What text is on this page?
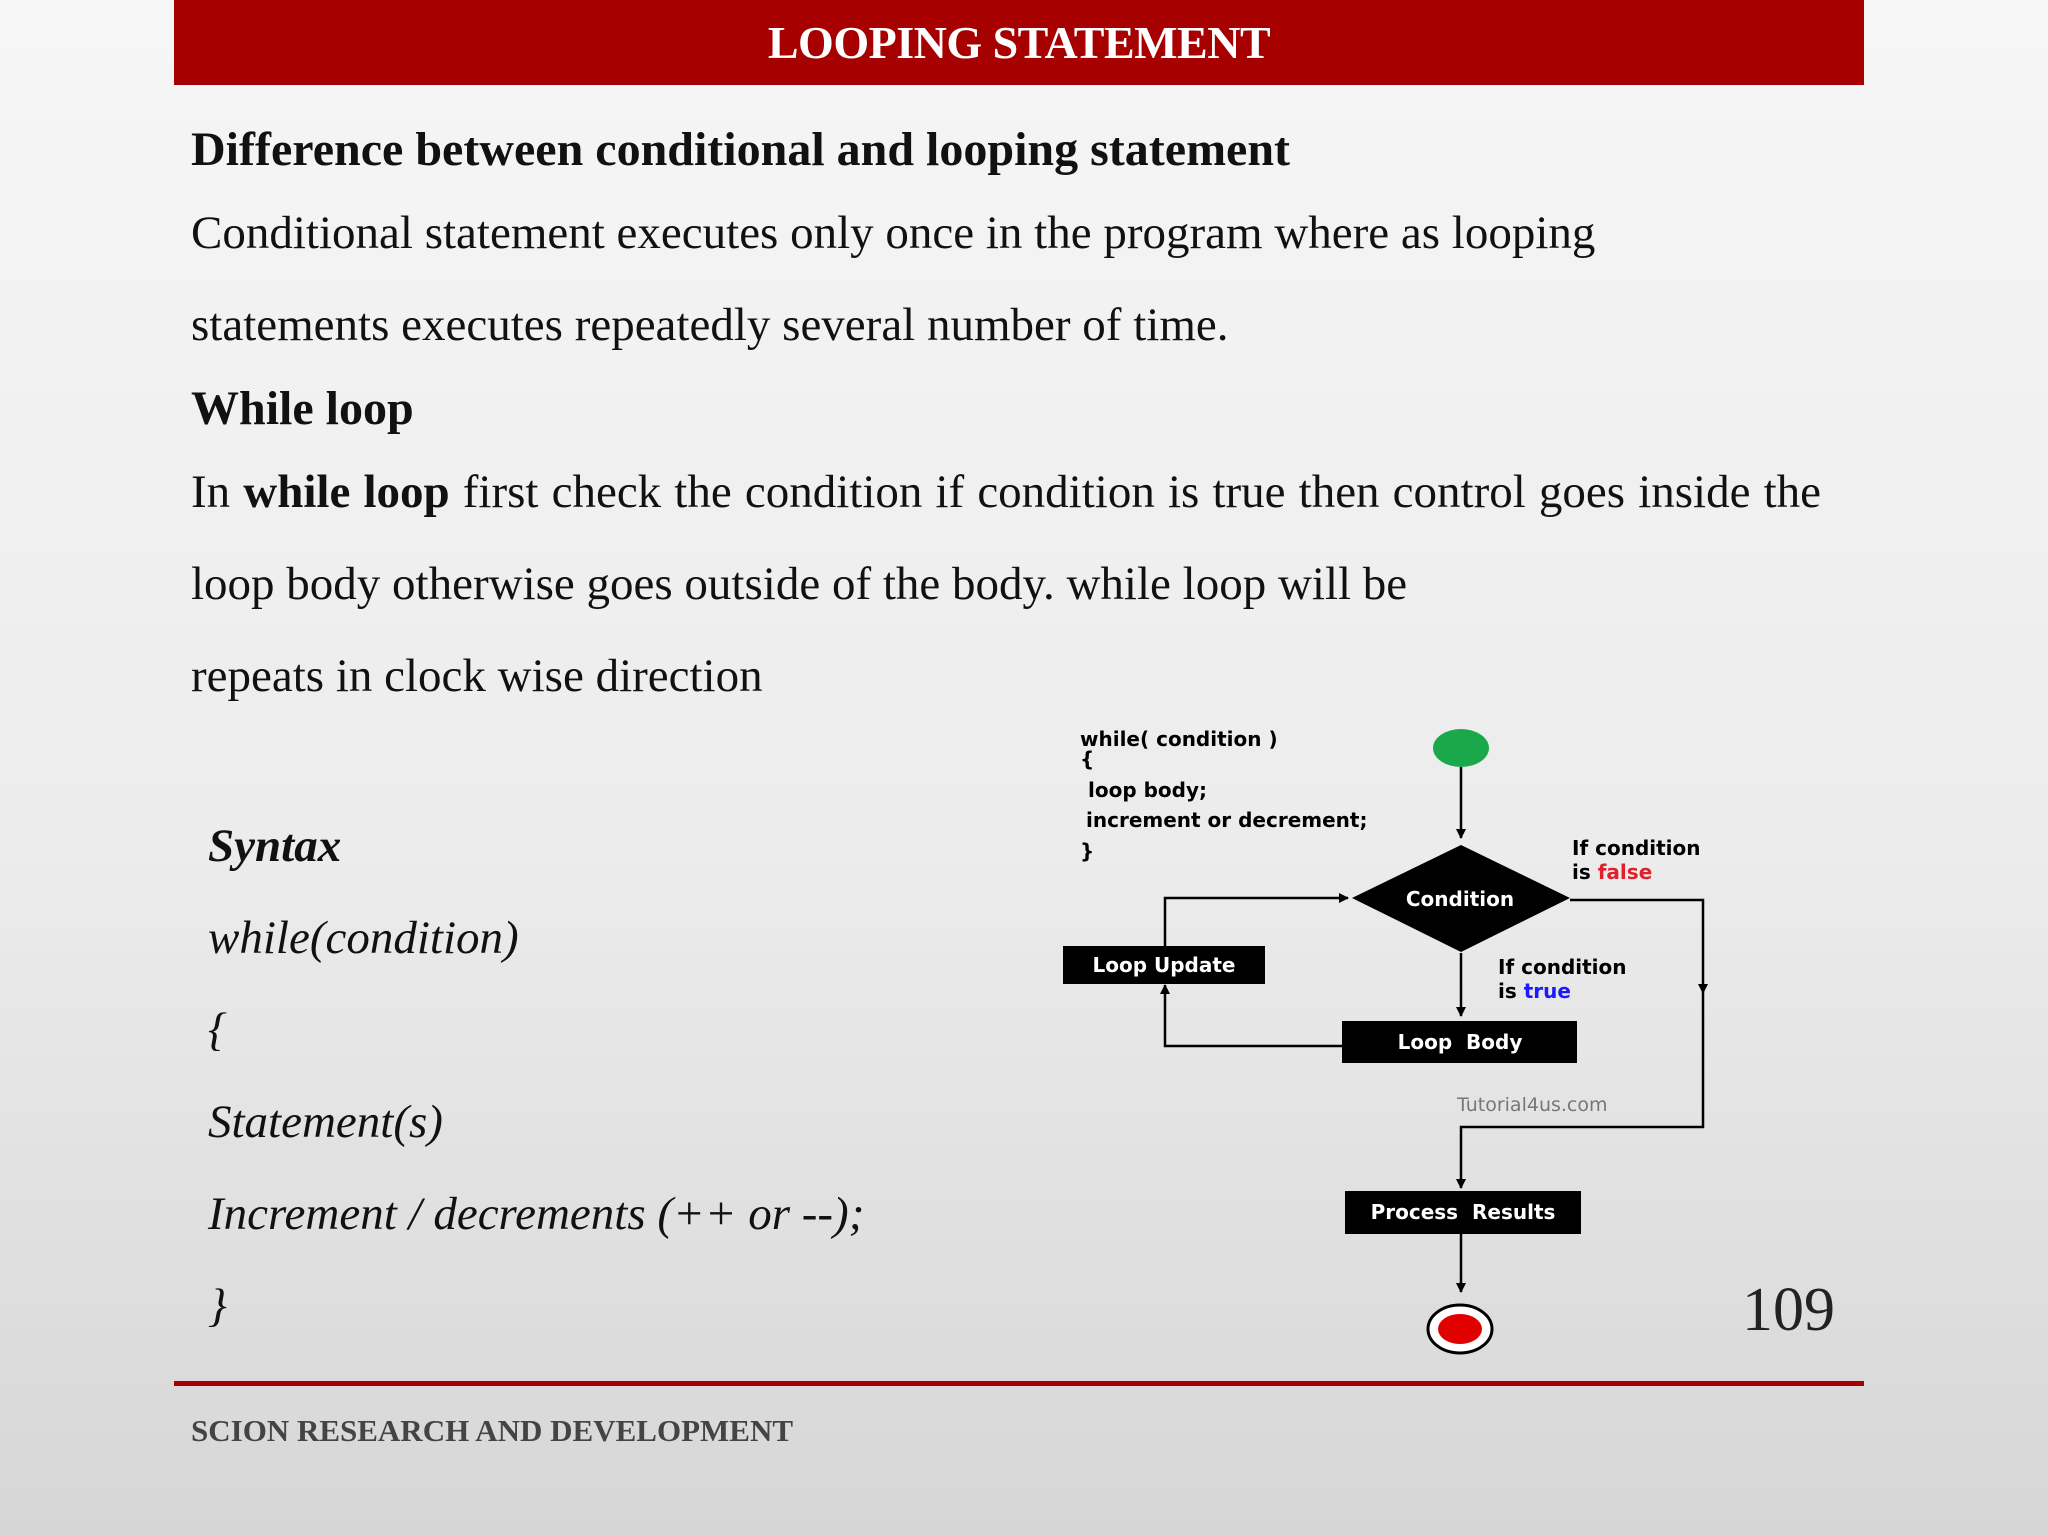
LOOPING STATEMENT

Difference between conditional and looping statement

Conditional statement executes only once in the program where as looping
statements executes repeatedly several number of time.

While loop

In while loop first check the condition if condition is true then control goes inside the loop body otherwise goes outside of the body. while loop will be
repeats in clock wise direction

Syntax
while(condition)
{
Statement(s)
Increment / decrements (++ or --);
}
while( condition )
{
loop body;
increment or decrement;
}
Condition
If condition
is false
If condition
is true
Loop Update
Loop  Body
Tutorial4us.com
Process  Results
109
SCION RESEARCH AND DEVELOPMENT
